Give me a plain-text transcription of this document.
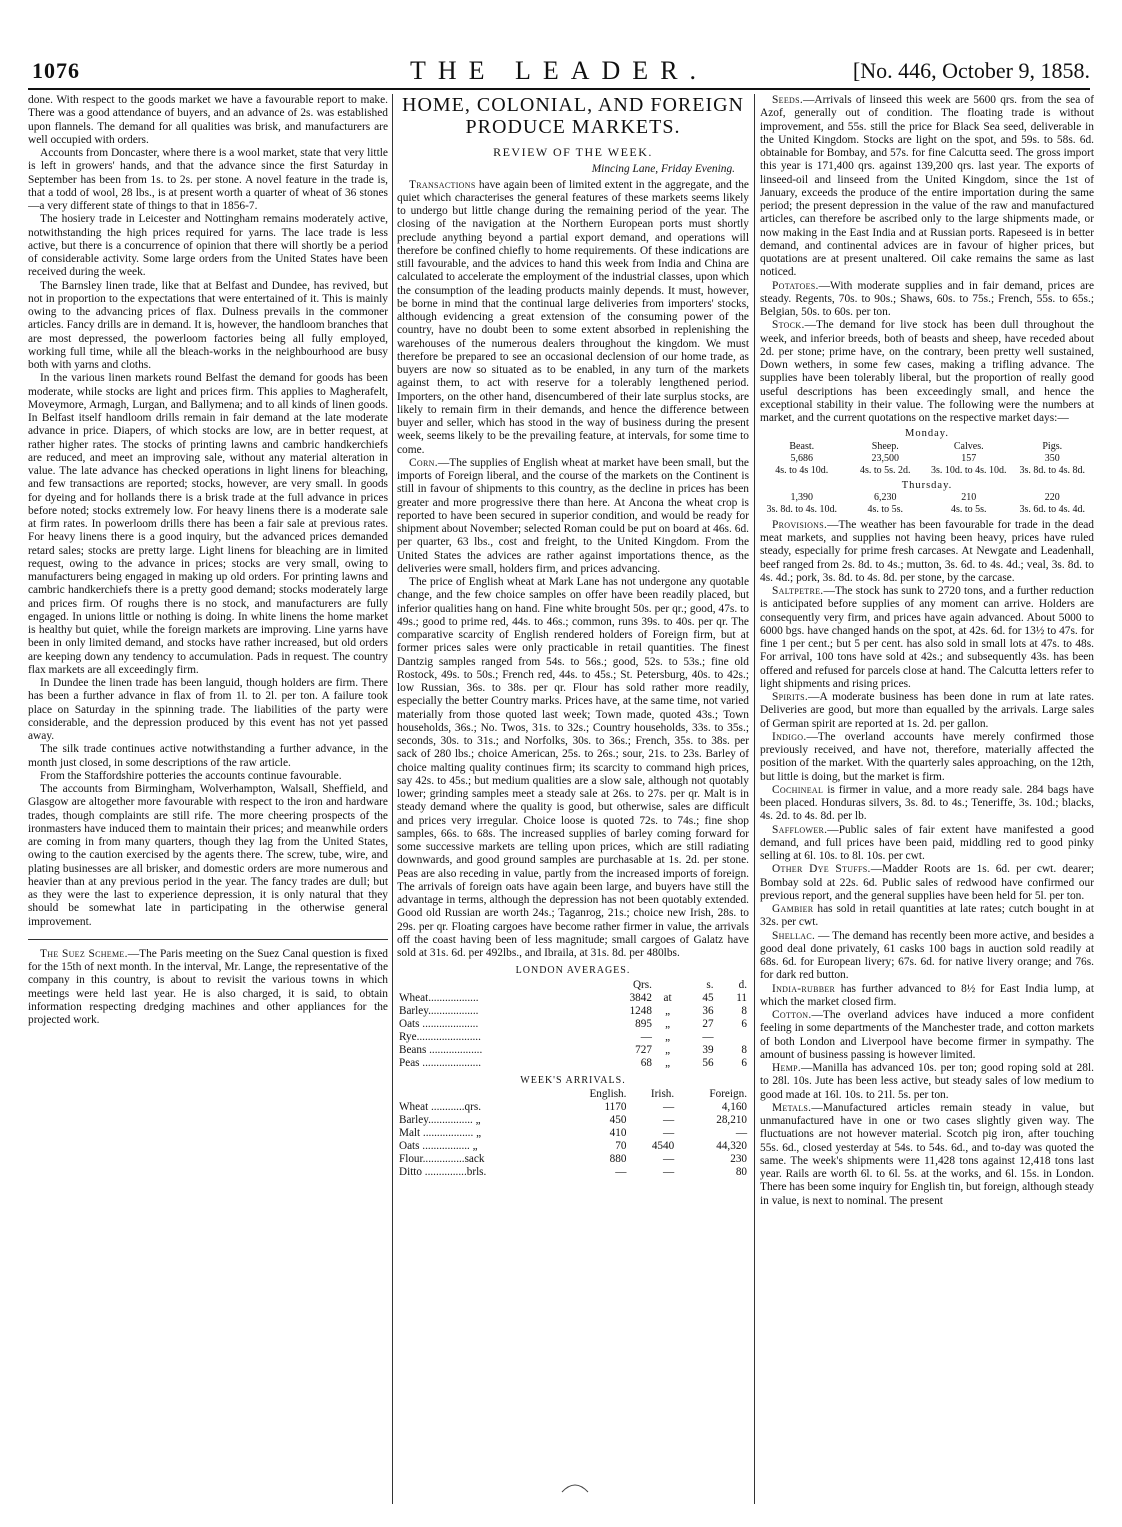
1076	THE LEADER.	[No. 446, October 9, 1858.

done. With respect to the goods market we have a favourable report to make. There was a good attendance of buyers, and an advance of 2s. was established upon flannels. The demand for all qualities was brisk, and manufacturers are well occupied with orders.

Accounts from Doncaster, where there is a wool market, state that very little is left in growers' hands, and that the advance since the first Saturday in September has been from 1s. to 2s. per stone. A novel feature in the trade is, that a todd of wool, 28 lbs., is at present worth a quarter of wheat of 36 stones—a very different state of things to that in 1856-7.

The hosiery trade in Leicester and Nottingham remains moderately active, notwithstanding the high prices required for yarns. The lace trade is less active, but there is a concurrence of opinion that there will shortly be a period of considerable activity. Some large orders from the United States have been received during the week.

The Barnsley linen trade, like that at Belfast and Dundee, has revived, but not in proportion to the expectations that were entertained of it. This is mainly owing to the advancing prices of flax. Dulness prevails in the commoner articles. Fancy drills are in demand. It is, however, the handloom branches that are most depressed, the powerloom factories being all fully employed, working full time, while all the bleach-works in the neighbourhood are busy both with yarns and cloths.

In the various linen markets round Belfast the demand for goods has been moderate, while stocks are light and prices firm. This applies to Magherafelt, Moveymore, Armagh, Lurgan, and Ballymena; and to all kinds of linen goods. In Belfast itself handloom drills remain in fair demand at the late moderate advance in price. Diapers, of which stocks are low, are in better request, at rather higher rates. The stocks of printing lawns and cambric handkerchiefs are reduced, and meet an improving sale, without any material alteration in value. The late advance has checked operations in light linens for bleaching, and few transactions are reported; stocks, however, are very small. In goods for dyeing and for hollands there is a brisk trade at the full advance in prices before noted; stocks extremely low. For heavy linens there is a moderate sale at firm rates. In powerloom drills there has been a fair sale at previous rates. For heavy linens there is a good inquiry, but the advanced prices demanded retard sales; stocks are pretty large. Light linens for bleaching are in limited request, owing to the advance in prices; stocks are very small, owing to manufacturers being engaged in making up old orders. For printing lawns and cambric handkerchiefs there is a pretty good demand; stocks moderately large and prices firm. Of roughs there is no stock, and manufacturers are fully engaged. In unions little or nothing is doing. In white linens the home market is healthy but quiet, while the foreign markets are improving. Line yarns have been in only limited demand, and stocks have rather increased, but old orders are keeping down any tendency to accumulation. Pads in request. The country flax markets are all exceedingly firm.

In Dundee the linen trade has been languid, though holders are firm. There has been a further advance in flax of from 1l. to 2l. per ton. A failure took place on Saturday in the spinning trade. The liabilities of the party were considerable, and the depression produced by this event has not yet passed away.

The silk trade continues active notwithstanding a further advance, in the month just closed, in some descriptions of the raw article.

From the Staffordshire potteries the accounts continue favourable.

The accounts from Birmingham, Wolverhampton, Walsall, Sheffield, and Glasgow are altogether more favourable with respect to the iron and hardware trades, though complaints are still rife. The more cheering prospects of the ironmasters have induced them to maintain their prices; and meanwhile orders are coming in from many quarters, though they lag from the United States, owing to the caution exercised by the agents there. The screw, tube, wire, and plating businesses are all brisker, and domestic orders are more numerous and heavier than at any previous period in the year. The fancy trades are dull; but as they were the last to experience depression, it is only natural that they should be somewhat late in participating in the otherwise general improvement.

The Suez Scheme.—The Paris meeting on the Suez Canal question is fixed for the 15th of next month. In the interval, Mr. Lange, the representative of the company in this country, is about to revisit the various towns in which meetings were held last year. He is also charged, it is said, to obtain information respecting dredging machines and other appliances for the projected work.

HOME, COLONIAL, AND FOREIGN PRODUCE MARKETS.
REVIEW OF THE WEEK.
Mincing Lane, Friday Evening.

Transactions have again been of limited extent in the aggregate, and the quiet which characterises the general features of these markets seems likely to undergo but little change during the remaining period of the year. The closing of the navigation at the Northern European ports must shortly preclude anything beyond a partial export demand, and operations will therefore be confined chiefly to home requirements. Of these indications are still favourable, and the advices to hand this week from India and China are calculated to accelerate the employment of the industrial classes, upon which the consumption of the leading products mainly depends. It must, however, be borne in mind that the continual large deliveries from importers' stocks, although evidencing a great extension of the consuming power of the country, have no doubt been to some extent absorbed in replenishing the warehouses of the numerous dealers throughout the kingdom. We must therefore be prepared to see an occasional declension of our home trade, as buyers are now so situated as to be enabled, in any turn of the markets against them, to act with reserve for a tolerably lengthened period. Importers, on the other hand, disencumbered of their late surplus stocks, are likely to remain firm in their demands, and hence the difference between buyer and seller, which has stood in the way of business during the present week, seems likely to be the prevailing feature, at intervals, for some time to come.

Corn.—The supplies of English wheat at market have been small, but the imports of Foreign liberal, and the course of the markets on the Continent is still in favour of shipments to this country, as the decline in prices has been greater and more progressive there than here. At Ancona the wheat crop is reported to have been secured in superior condition, and would be ready for shipment about November; selected Roman could be put on board at 46s. 6d. per quarter, 63 lbs., cost and freight, to the United Kingdom. From the United States the advices are rather against importations thence, as the deliveries were small, holders firm, and prices advancing.

The price of English wheat at Mark Lane has not undergone any quotable change, and the few choice samples on offer have been readily placed, but inferior qualities hang on hand. Fine white brought 50s. per qr.; good, 47s. to 49s.; good to prime red, 44s. to 46s.; common, runs 39s. to 40s. per qr. The comparative scarcity of English rendered holders of Foreign firm, but at former prices sales were only practicable in retail quantities. The finest Dantzig samples ranged from 54s. to 56s.; good, 52s. to 53s.; fine old Rostock, 49s. to 50s.; French red, 44s. to 45s.; St. Petersburg, 40s. to 42s.; low Russian, 36s. to 38s. per qr. Flour has sold rather more readily, especially the better Country marks. Prices have, at the same time, not varied materially from those quoted last week; Town made, quoted 43s.; Town households, 36s.; No. Twos, 31s. to 32s.; Country households, 33s. to 35s.; seconds, 30s. to 31s.; and Norfolks, 30s. to 36s.; French, 35s. to 38s. per sack of 280 lbs.; choice American, 25s. to 26s.; sour, 21s. to 23s. Barley of choice malting quality continues firm; its scarcity to command high prices, say 42s. to 45s.; but medium qualities are a slow sale, although not quotably lower; grinding samples meet a steady sale at 26s. to 27s. per qr. Malt is in steady demand where the quality is good, but otherwise, sales are difficult and prices very irregular. Choice loose is quoted 72s. to 74s.; fine shop samples, 66s. to 68s. The increased supplies of barley coming forward for some successive markets are telling upon prices, which are still radiating downwards, and good ground samples are purchasable at 1s. 2d. per stone. Peas are also receding in value, partly from the increased imports of foreign. The arrivals of foreign oats have again been large, and buyers have still the advantage in terms, although the depression has not been quotably extended. Good old Russian are worth 24s.; Taganrog, 21s.; choice new Irish, 28s. to 29s. per qr. Floating cargoes have become rather firmer in value, the arrivals off the coast having been of less magnitude; small cargoes of Galatz have sold at 31s. 6d. per 492lbs., and Ibraila, at 31s. 8d. per 480lbs.

LONDON AVERAGES.
	Qrs.		s.	d.
Wheat..................	3842	at	45	11
Barley..................	1248	„	36	8
Oats ....................	895	„	27	6
Rye.......................	—	„	—	
Beans ...................	727	„	39	8
Peas .....................	68	„	56	6
WEEK'S ARRIVALS.
	English.	Irish.	Foreign.
Wheat ............qrs.	1170	—	4,160
Barley................ „	450	—	28,210
Malt .................. „	410	—	—
Oats ................. „	70	4540	44,320
Flour...............sack	880	—	230
Ditto ...............brls.	—	—	80

Seeds.—Arrivals of linseed this week are 5600 qrs. from the sea of Azof, generally out of condition. The floating trade is without improvement, and 55s. still the price for Black Sea seed, deliverable in the United Kingdom. Stocks are light on the spot, and 59s. to 58s. 6d. obtainable for Bombay, and 57s. for fine Calcutta seed. The gross import this year is 171,400 qrs. against 139,200 qrs. last year. The exports of linseed-oil and linseed from the United Kingdom, since the 1st of January, exceeds the produce of the entire importation during the same period; the present depression in the value of the raw and manufactured articles, can therefore be ascribed only to the large shipments made, or now making in the East India and at Russian ports. Rapeseed is in better demand, and continental advices are in favour of higher prices, but quotations are at present unaltered. Oil cake remains the same as last noticed.

Potatoes.—With moderate supplies and in fair demand, prices are steady. Regents, 70s. to 90s.; Shaws, 60s. to 75s.; French, 55s. to 65s.; Belgian, 50s. to 60s. per ton.

Stock.—The demand for live stock has been dull throughout the week, and inferior breeds, both of beasts and sheep, have receded about 2d. per stone; prime have, on the contrary, been pretty well sustained, Down wethers, in some few cases, making a trifling advance. The supplies have been tolerably liberal, but the proportion of really good useful descriptions has been exceedingly small, and hence the exceptional stability in their value. The following were the numbers at market, and the current quotations on the respective market days:—

Monday.
Beast.	Sheep.	Calves.	Pigs.
5,686	23,500	157	350
4s. to 4s 10d.	4s. to 5s. 2d.	3s. 10d. to 4s. 10d.	3s. 8d. to 4s. 8d.
Thursday.
1,390	6,230	210	220
3s. 8d. to 4s. 10d.	4s. to 5s.	4s. to 5s.	3s. 6d. to 4s. 4d.

Provisions.—The weather has been favourable for trade in the dead meat markets, and supplies not having been heavy, prices have ruled steady, especially for prime fresh carcases. At Newgate and Leadenhall, beef ranged from 2s. 8d. to 4s.; mutton, 3s. 6d. to 4s. 4d.; veal, 3s. 8d. to 4s. 4d.; pork, 3s. 8d. to 4s. 8d. per stone, by the carcase.

Saltpetre.—The stock has sunk to 2720 tons, and a further reduction is anticipated before supplies of any moment can arrive. Holders are consequently very firm, and prices have again advanced. About 5000 to 6000 bgs. have changed hands on the spot, at 42s. 6d. for 13½ to 47s. for fine 1 per cent.; but 5 per cent. has also sold in small lots at 47s. to 48s. For arrival, 100 tons have sold at 42s.; and subsequently 43s. has been offered and refused for parcels close at hand. The Calcutta letters refer to light shipments and rising prices.

Spirits.—A moderate business has been done in rum at late rates. Deliveries are good, but more than equalled by the arrivals. Large sales of German spirit are reported at 1s. 2d. per gallon.

Indigo.—The overland accounts have merely confirmed those previously received, and have not, therefore, materially affected the position of the market. With the quarterly sales approaching, on the 12th, but little is doing, but the market is firm.

Cochineal is firmer in value, and a more ready sale. 284 bags have been placed. Honduras silvers, 3s. 8d. to 4s.; Teneriffe, 3s. 10d.; blacks, 4s. 2d. to 4s. 8d. per lb.

Safflower.—Public sales of fair extent have manifested a good demand, and full prices have been paid, middling red to good pinky selling at 6l. 10s. to 8l. 10s. per cwt.

Other Dye Stuffs.—Madder Roots are 1s. 6d. per cwt. dearer; Bombay sold at 22s. 6d. Public sales of redwood have confirmed our previous report, and the general supplies have been held for 5l. per ton.

Gambier has sold in retail quantities at late rates; cutch bought in at 32s. per cwt.

Shellac. — The demand has recently been more active, and besides a good deal done privately, 61 casks 100 bags in auction sold readily at 68s. 6d. for European livery; 67s. 6d. for native livery orange; and 76s. for dark red button.

India-rubber has further advanced to 8½ for East India lump, at which the market closed firm.

Cotton.—The overland advices have induced a more confident feeling in some departments of the Manchester trade, and cotton markets of both London and Liverpool have become firmer in sympathy. The amount of business passing is however limited.

Hemp.—Manilla has advanced 10s. per ton; good roping sold at 28l. to 28l. 10s. Jute has been less active, but steady sales of low medium to good made at 16l. 10s. to 21l. 5s. per ton.

Metals.—Manufactured articles remain steady in value, but unmanufactured have in one or two cases slightly given way. The fluctuations are not however material. Scotch pig iron, after touching 55s. 6d., closed yesterday at 54s. to 54s. 6d., and to-day was quoted the same. The week's shipments were 11,428 tons against 12,418 tons last year. Rails are worth 6l. to 6l. 5s. at the works, and 6l. 15s. in London. There has been some inquiry for English tin, but foreign, although steady in value, is next to nominal. The present
